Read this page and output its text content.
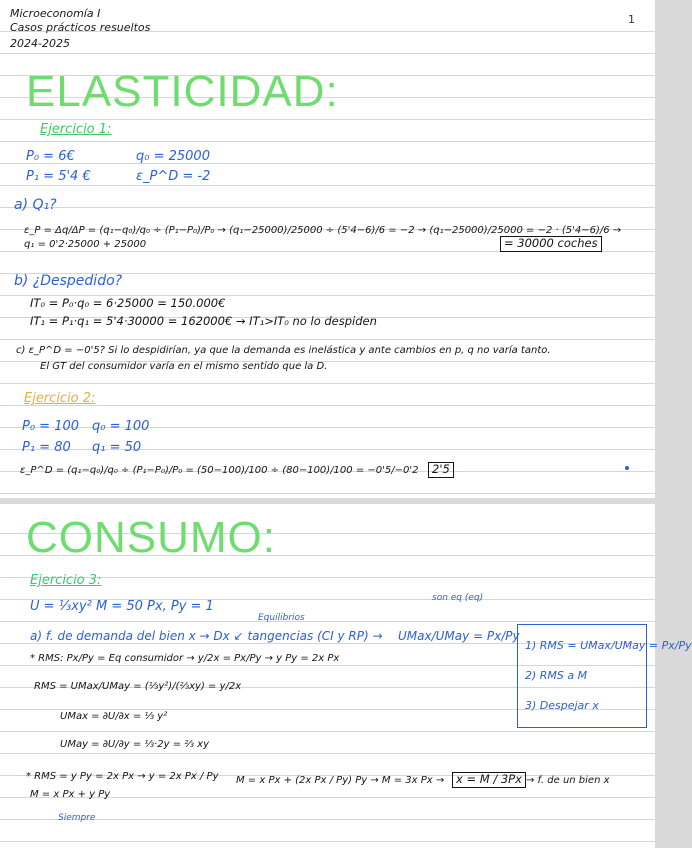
Microeconomía I
Casos prácticos resueltos
2024-2025
1
ELASTICIDAD:
Ejercicio 1:
P₀ = 6€
P₁ = 5'4 €
q₀ = 25000
ε_P^D = -2
a) Q₁?
ε_P = Δq/ΔP = (q₁−q₀)/q₀ ÷ (P₁−P₀)/P₀ → (q₁−25000)/25000 ÷ (5'4−6)/6 = −2 → (q₁−25000)/25000 = −2 · (5'4−6)/6 → q₁ = 0'2·25000 + 25000	= 30000 coches
b) ¿Despedido?
IT₀ = P₀·q₀ = 6·25000 = 150.000€
IT₁ = P₁·q₁ = 5'4·30000 = 162000€ → IT₁>IT₀ no lo despiden
c) ε_P^D = −0'5? Si lo despidirían, ya que la demanda es inelástica y ante cambios en p, q no varía tanto.
El GT del consumidor varía en el mismo sentido que la D.
Ejercicio 2:
P₀ = 100 q₀ = 100
P₁ = 80 q₁ = 50
ε_P^D = (q₁−q₀)/q₀ ÷ (P₁−P₀)/P₀ = (50−100)/100 ÷ (80−100)/100 = −0'5/−0'2	2'5
CONSUMO:
Ejercicio 3:
U = ⅓xy² M = 50 Px, Py = 1
son eq (eq)
Equilibrios
a) f. de demanda del bien x → Dx ↙ tangencias (CI y RP) → UMax/UMay = Px/Py
* RMS: Px/Py = Eq consumidor → y/2x = Px/Py → y Py = 2x Px
RMS = UMax/UMay = (⅓y²)/(⅔xy) = y/2x
UMax = ∂U/∂x = ⅓ y²
UMay = ∂U/∂y = ⅓·2y = ⅔ xy
1) RMS = UMax/UMay = Px/Py
2) RMS a M
3) Despejar x
* RMS = y Py = 2x Px → y = 2x Px / Py
M = x Px + y Py
M = x Px + (2x Px / Py) Py → M = 3x Px →	x = M / 3Px → f. de un bien x
Siempre
